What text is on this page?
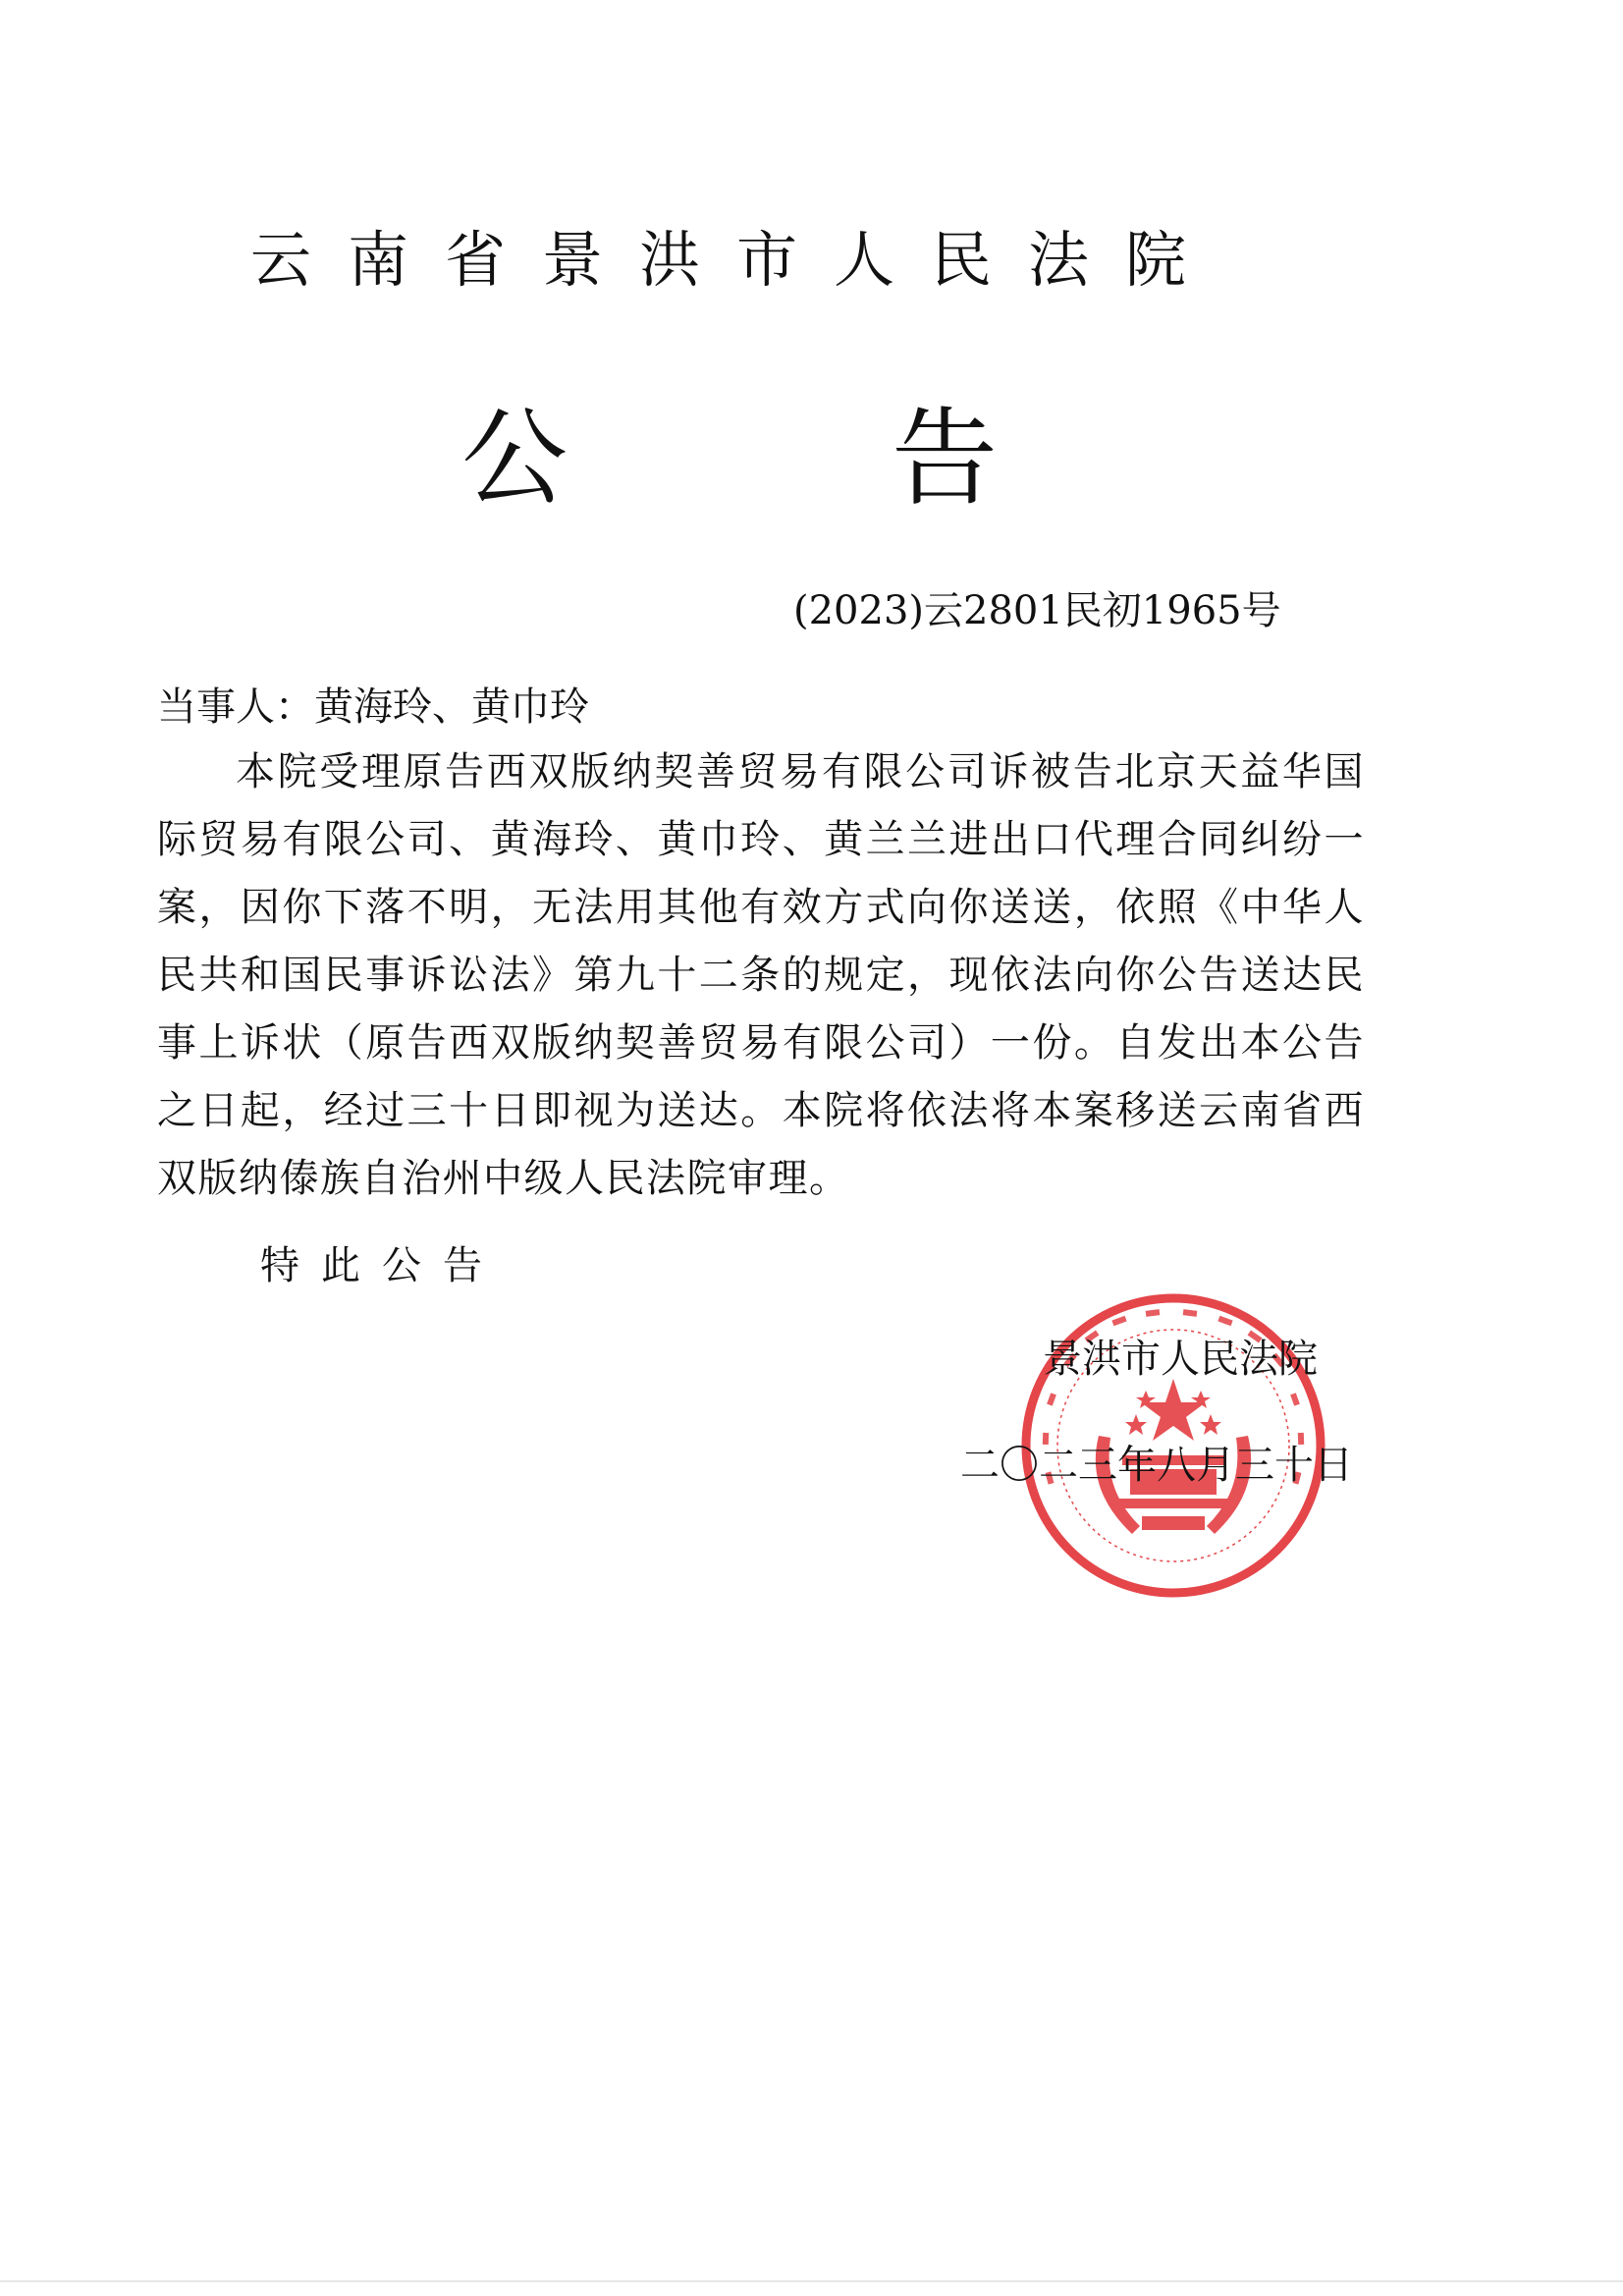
云南省景洪市人民法院
公	告
(2023)云2801民初1965号
当事人：黄海玲、黄巾玲
本院受理原告西双版纳契善贸易有限公司诉被告北京天益华国际贸易有限公司、黄海玲、黄巾玲、黄兰兰进出口代理合同纠纷一案，因你下落不明，无法用其他有效方式向你送送，依照《中华人民共和国民事诉讼法》第九十二条的规定，现依法向你公告送达民事上诉状（原告西双版纳契善贸易有限公司）一份。自发出本公告之日起，经过三十日即视为送达。本院将依法将本案移送云南省西双版纳傣族自治州中级人民法院审理。
特此公告
景洪市人民法院
二〇二三年八月三十日
